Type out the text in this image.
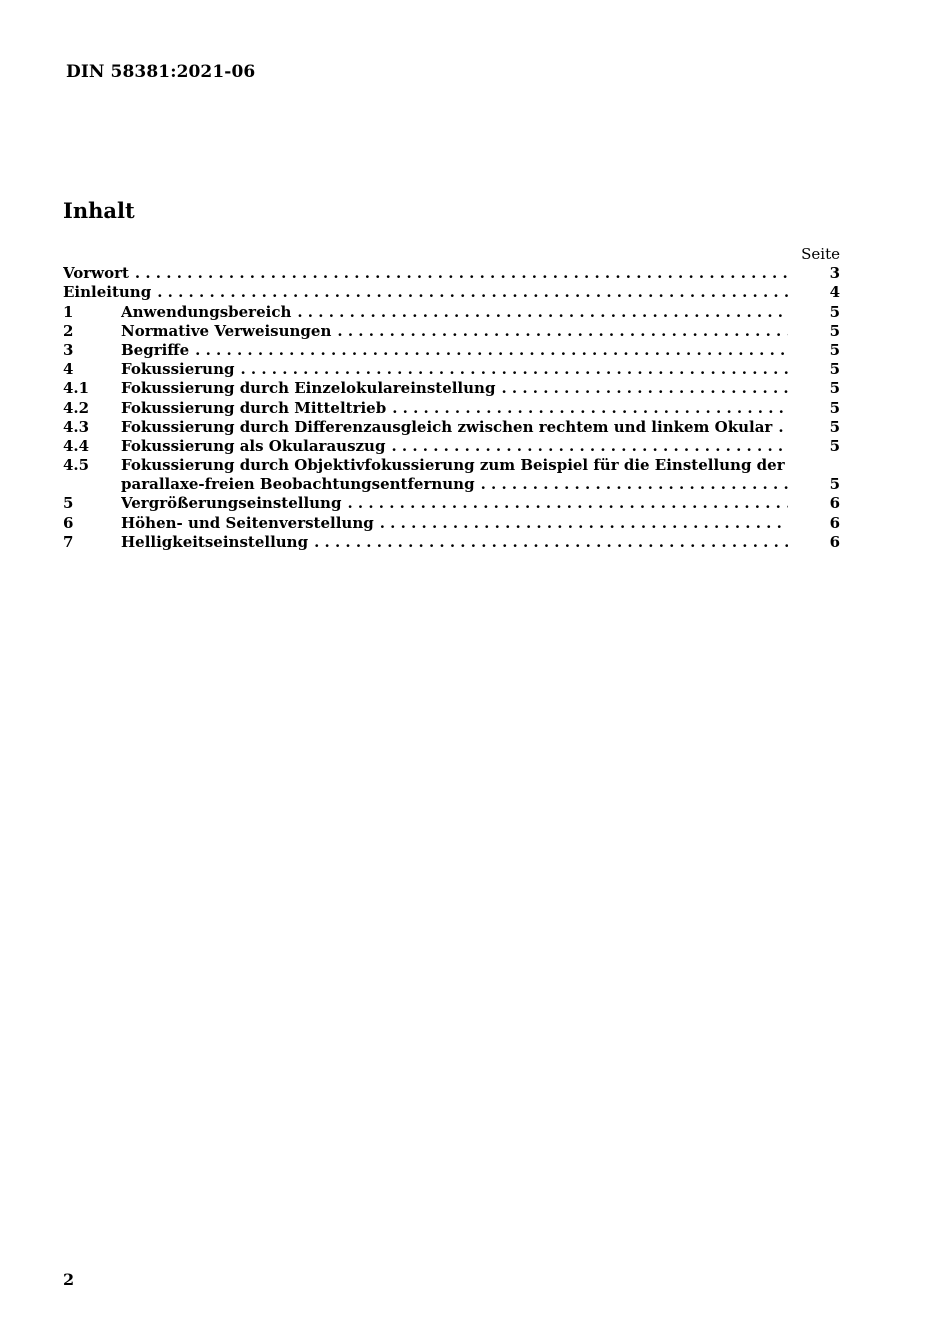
DIN 58381:2021-06
Inhalt
Seite
Vorwort . . .	3
Einleitung . . .	4
1	Anwendungsbereich . . .	5
2	Normative Verweisungen . . .	5
3	Begriffe . . .	5
4	Fokussierung . . .	5
4.1	Fokussierung durch Einzelokulareinstellung . . .	5
4.2	Fokussierung durch Mitteltrieb . . .	5
4.3	Fokussierung durch Differenzausgleich zwischen rechtem und linkem Okular . . .	5
4.4	Fokussierung als Okularauszug . . .	5
4.5	Fokussierung durch Objektivfokussierung zum Beispiel für die Einstellung der
parallaxe-freien Beobachtungsentfernung . . .	5
5	Vergrößerungseinstellung . . .	6
6	Höhen- und Seitenverstellung . . .	6
7	Helligkeitseinstellung . . .	6
2
